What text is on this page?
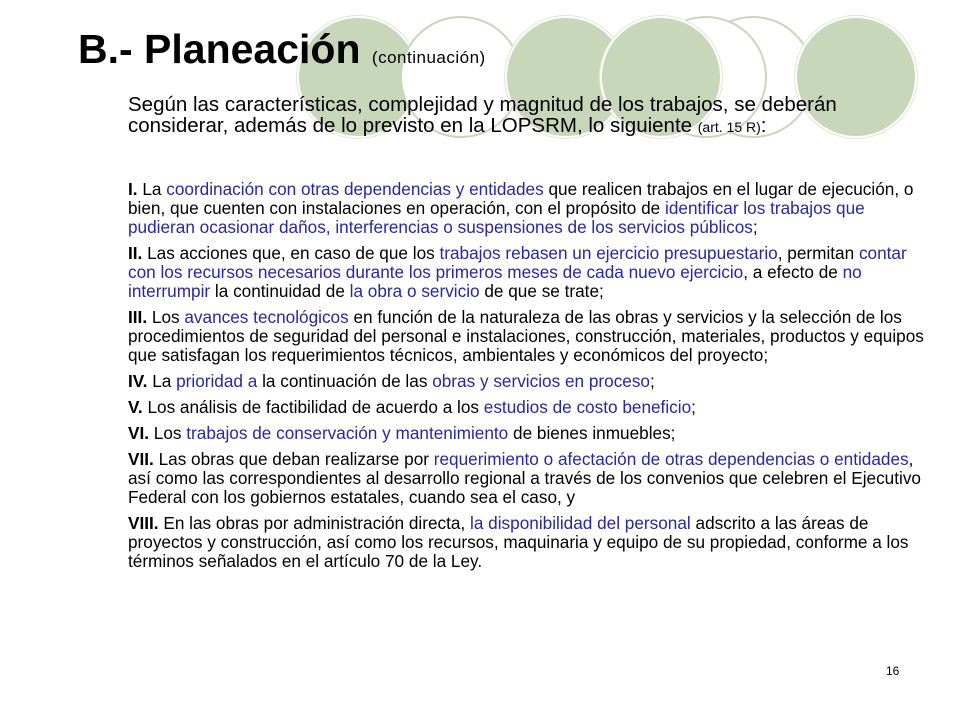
B.- Planeación (continuación)

Según las características, complejidad y magnitud de los trabajos, se deberán considerar, además de lo previsto en la LOPSRM, lo siguiente (art. 15 R):

I. La coordinación con otras dependencias y entidades que realicen trabajos en el lugar de ejecución, o bien, que cuenten con instalaciones en operación, con el propósito de identificar los trabajos que pudieran ocasionar daños, interferencias o suspensiones de los servicios públicos;

II. Las acciones que, en caso de que los trabajos rebasen un ejercicio presupuestario, permitan contar con los recursos necesarios durante los primeros meses de cada nuevo ejercicio, a efecto de no interrumpir la continuidad de la obra o servicio de que se trate;

III. Los avances tecnológicos en función de la naturaleza de las obras y servicios y la selección de los procedimientos de seguridad del personal e instalaciones, construcción, materiales, productos y equipos que satisfagan los requerimientos técnicos, ambientales y económicos del proyecto;

IV. La prioridad a la continuación de las obras y servicios en proceso;

V. Los análisis de factibilidad de acuerdo a los estudios de costo beneficio;

VI. Los trabajos de conservación y mantenimiento de bienes inmuebles;

VII. Las obras que deban realizarse por requerimiento o afectación de otras dependencias o entidades, así como las correspondientes al desarrollo regional a través de los convenios que celebren el Ejecutivo Federal con los gobiernos estatales, cuando sea el caso, y

VIII. En las obras por administración directa, la disponibilidad del personal adscrito a las áreas de proyectos y construcción, así como los recursos, maquinaria y equipo de su propiedad, conforme a los términos señalados en el artículo 70 de la Ley.

16
